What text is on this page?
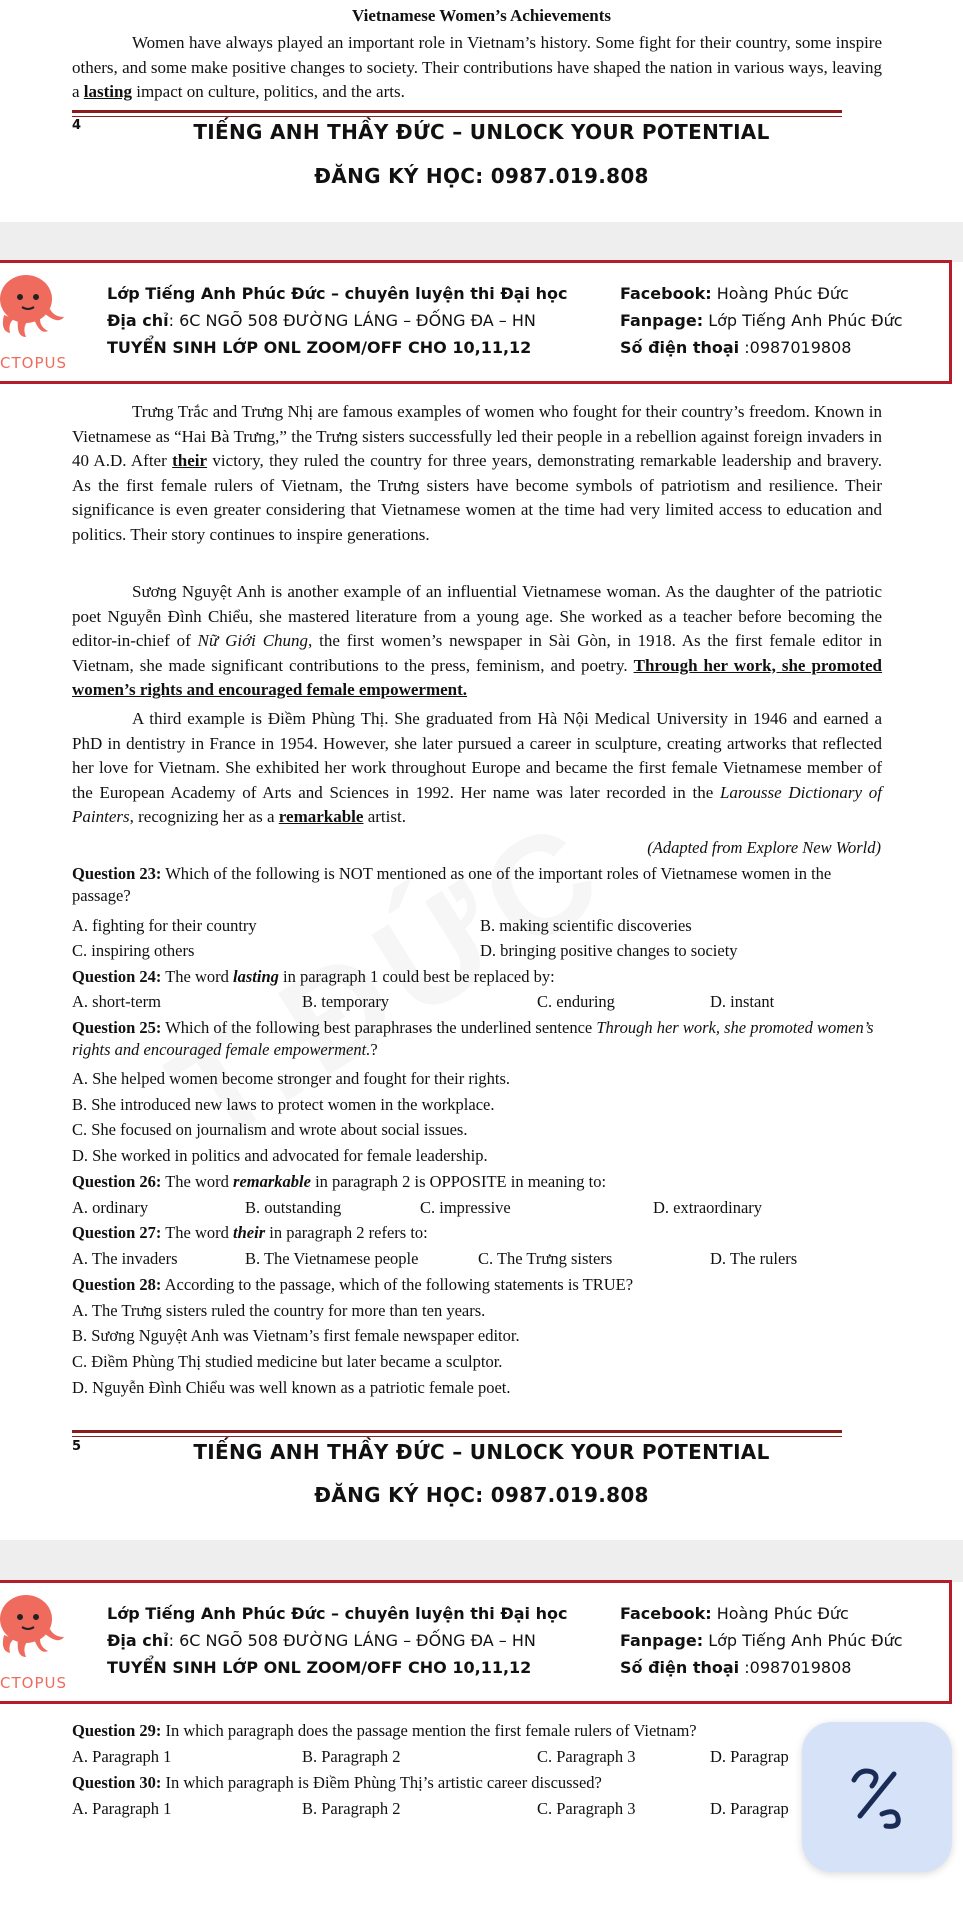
Vietnamese Women’s Achievements
Women have always played an important role in Vietnam’s history. Some fight for their country, some inspire others, and some make positive changes to society. Their contributions have shaped the nation in various ways, leaving a lasting impact on culture, politics, and the arts.
4	TIẾNG ANH THẦY ĐỨC – UNLOCK YOUR POTENTIAL
ĐĂNG KÝ HỌC: 0987.019.808
CTOPUS
Lớp Tiếng Anh Phúc Đức – chuyên luyện thi Đại học
Địa chỉ: 6C NGÕ 508 ĐƯỜNG LÁNG – ĐỐNG ĐA – HN
TUYỂN SINH LỚP ONL ZOOM/OFF CHO 10,11,12
Facebook: Hoàng Phúc Đức
Fanpage: Lớp Tiếng Anh Phúc Đức
Số điện thoại :0987019808
Trưng Trắc and Trưng Nhị are famous examples of women who fought for their country’s freedom. Known in Vietnamese as “Hai Bà Trưng,” the Trưng sisters successfully led their people in a rebellion against foreign invaders in 40 A.D. After their victory, they ruled the country for three years, demonstrating remarkable leadership and bravery. As the first female rulers of Vietnam, the Trưng sisters have become symbols of patriotism and resilience. Their significance is even greater considering that Vietnamese women at the time had very limited access to education and politics. Their story continues to inspire generations.
Sương Nguyệt Anh is another example of an influential Vietnamese woman. As the daughter of the patriotic poet Nguyễn Đình Chiểu, she mastered literature from a young age. She worked as a teacher before becoming the editor-in-chief of Nữ Giới Chung, the first women’s newspaper in Sài Gòn, in 1918. As the first female editor in Vietnam, she made significant contributions to the press, feminism, and poetry. Through her work, she promoted women’s rights and encouraged female empowerment.
A third example is Điềm Phùng Thị. She graduated from Hà Nội Medical University in 1946 and earned a PhD in dentistry in France in 1954. However, she later pursued a career in sculpture, creating artworks that reflected her love for Vietnam. She exhibited her work throughout Europe and became the first female Vietnamese member of the European Academy of Arts and Sciences in 1992. Her name was later recorded in the Larousse Dictionary of Painters, recognizing her as a remarkable artist.
(Adapted from Explore New World)
Question 23: Which of the following is NOT mentioned as one of the important roles of Vietnamese women in the passage?
A. fighting for their country	B. making scientific discoveries
C. inspiring others	D. bringing positive changes to society
Question 24: The word lasting in paragraph 1 could best be replaced by:
A. short-term	B. temporary	C. enduring	D. instant
Question 25: Which of the following best paraphrases the underlined sentence Through her work, she promoted women’s rights and encouraged female empowerment.?
A. She helped women become stronger and fought for their rights.
B. She introduced new laws to protect women in the workplace.
C. She focused on journalism and wrote about social issues.
D. She worked in politics and advocated for female leadership.
Question 26: The word remarkable in paragraph 2 is OPPOSITE in meaning to:
A. ordinary	B. outstanding	C. impressive	D. extraordinary
Question 27: The word their in paragraph 2 refers to:
A. The invaders	B. The Vietnamese people	C. The Trưng sisters	D. The rulers
Question 28: According to the passage, which of the following statements is TRUE?
A. The Trưng sisters ruled the country for more than ten years.
B. Sương Nguyệt Anh was Vietnam’s first female newspaper editor.
C. Điềm Phùng Thị studied medicine but later became a sculptor.
D. Nguyễn Đình Chiểu was well known as a patriotic female poet.
5	TIẾNG ANH THẦY ĐỨC – UNLOCK YOUR POTENTIAL
ĐĂNG KÝ HỌC: 0987.019.808
CTOPUS
Lớp Tiếng Anh Phúc Đức – chuyên luyện thi Đại học
Địa chỉ: 6C NGÕ 508 ĐƯỜNG LÁNG – ĐỐNG ĐA – HN
TUYỂN SINH LỚP ONL ZOOM/OFF CHO 10,11,12
Facebook: Hoàng Phúc Đức
Fanpage: Lớp Tiếng Anh Phúc Đức
Số điện thoại :0987019808
Question 29: In which paragraph does the passage mention the first female rulers of Vietnam?
A. Paragraph 1	B. Paragraph 2	C. Paragraph 3	D. Paragrap
Question 30: In which paragraph is Điềm Phùng Thị’s artistic career discussed?
A. Paragraph 1	B. Paragraph 2	C. Paragraph 3	D. Paragrap
